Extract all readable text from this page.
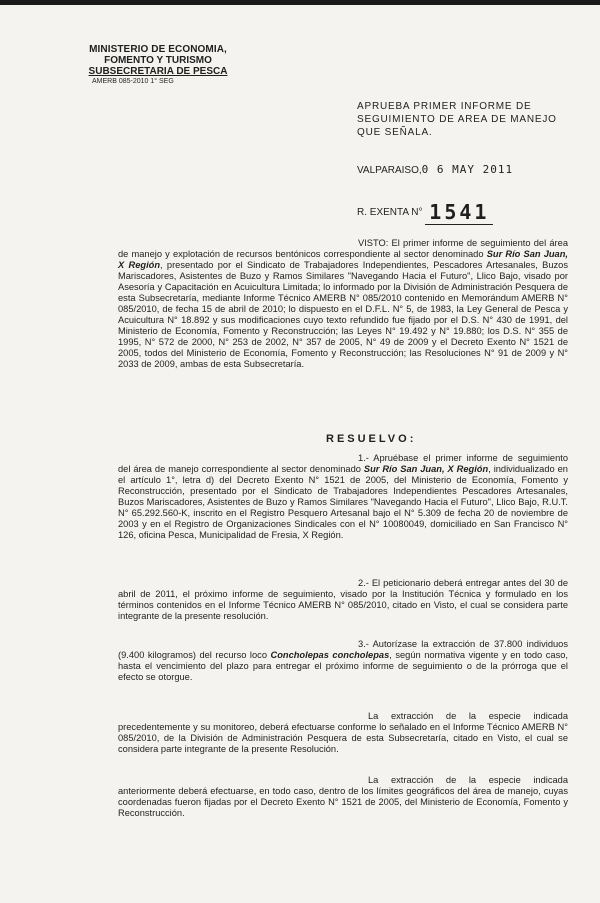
MINISTERIO DE ECONOMIA,
FOMENTO Y TURISMO
SUBSECRETARIA DE PESCA
AMERB 085-2010 1° SEG
APRUEBA PRIMER INFORME DE SEGUIMIENTO DE AREA DE MANEJO QUE SEÑALA.
VALPARAISO,0 6 MAY 2011
R. EXENTA N° 1541
VISTO: El primer informe de seguimiento del área de manejo y explotación de recursos bentónicos correspondiente al sector denominado Sur Río San Juan, X Región, presentado por el Sindicato de Trabajadores Independientes, Pescadores Artesanales, Buzos Mariscadores, Asistentes de Buzo y Ramos Similares "Navegando Hacia el Futuro", Llico Bajo, visado por Asesoría y Capacitación en Acuicultura Limitada; lo informado por la División de Administración Pesquera de esta Subsecretaría, mediante Informe Técnico AMERB N° 085/2010 contenido en Memorándum AMERB N° 085/2010, de fecha 15 de abril de 2010; lo dispuesto en el D.F.L. N° 5, de 1983, la Ley General de Pesca y Acuicultura N° 18.892 y sus modificaciones cuyo texto refundido fue fijado por el D.S. N° 430 de 1991, del Ministerio de Economía, Fomento y Reconstrucción; las Leyes N° 19.492 y N° 19.880; los D.S. N° 355 de 1995, N° 572 de 2000, N° 253 de 2002, N° 357 de 2005, N° 49 de 2009 y el Decreto Exento N° 1521 de 2005, todos del Ministerio de Economía, Fomento y Reconstrucción; las Resoluciones N° 91 de 2009 y N° 2033 de 2009, ambas de esta Subsecretaría.
RESUELVO:
1.- Apruébase el primer informe de seguimiento del área de manejo correspondiente al sector denominado Sur Río San Juan, X Región, individualizado en el artículo 1°, letra d) del Decreto Exento N° 1521 de 2005, del Ministerio de Economía, Fomento y Reconstrucción, presentado por el Sindicato de Trabajadores Independientes Pescadores Artesanales, Buzos Mariscadores, Asistentes de Buzo y Ramos Similares "Navegando Hacia el Futuro", Llico Bajo, R.U.T. N° 65.292.560-K, inscrito en el Registro Pesquero Artesanal bajo el N° 5.309 de fecha 20 de noviembre de 2003 y en el Registro de Organizaciones Sindicales con el N° 10080049, domiciliado en San Francisco N° 126, oficina Pesca, Municipalidad de Fresia, X Región.
2.- El peticionario deberá entregar antes del 30 de abril de 2011, el próximo informe de seguimiento, visado por la Institución Técnica y formulado en los términos contenidos en el Informe Técnico AMERB N° 085/2010, citado en Visto, el cual se considera parte integrante de la presente resolución.
3.- Autorízase la extracción de 37.800 individuos (9.400 kilogramos) del recurso loco Concholepas concholepas, según normativa vigente y en todo caso, hasta el vencimiento del plazo para entregar el próximo informe de seguimiento o de la prórroga que el efecto se otorgue.
La extracción de la especie indicada precedentemente y su monitoreo, deberá efectuarse conforme lo señalado en el Informe Técnico AMERB N° 085/2010, de la División de Administración Pesquera de esta Subsecretaría, citado en Visto, el cual se considera parte integrante de la presente Resolución.
La extracción de la especie indicada anteriormente deberá efectuarse, en todo caso, dentro de los límites geográficos del área de manejo, cuyas coordenadas fueron fijadas por el Decreto Exento N° 1521 de 2005, del Ministerio de Economía, Fomento y Reconstrucción.
